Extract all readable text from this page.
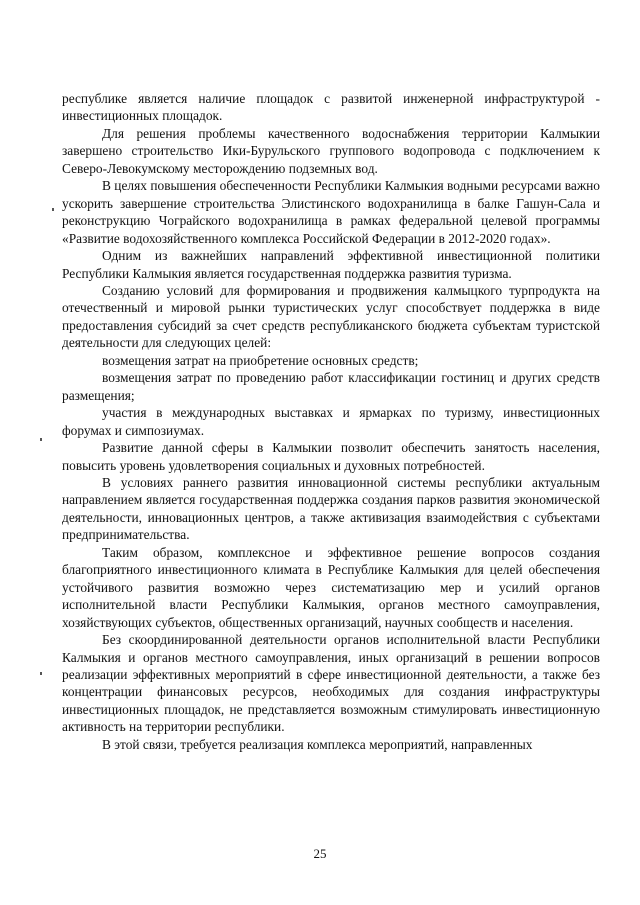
республике является наличие площадок с развитой инженерной инфраструктурой - инвестиционных площадок.

Для решения проблемы качественного водоснабжения территории Калмыкии завершено строительство Ики-Бурульского группового водопровода с подключением к Северо-Левокумскому месторождению подземных вод.

В целях повышения обеспеченности Республики Калмыкия водными ресурсами важно ускорить завершение строительства Элистинского водохранилища в балке Гашун-Сала и реконструкцию Чограйского водохранилища в рамках федеральной целевой программы «Развитие водохозяйственного комплекса Российской Федерации в 2012-2020 годах».

Одним из важнейших направлений эффективной инвестиционной политики Республики Калмыкия является государственная поддержка развития туризма.

Созданию условий для формирования и продвижения калмыцкого турпродукта на отечественный и мировой рынки туристических услуг способствует поддержка в виде предоставления субсидий за счет средств республиканского бюджета субъектам туристской деятельности для следующих целей:

возмещения затрат на приобретение основных средств;

возмещения затрат по проведению работ классификации гостиниц и других средств размещения;

участия в международных выставках и ярмарках по туризму, инвестиционных форумах и симпозиумах.

Развитие данной сферы в Калмыкии позволит обеспечить занятость населения, повысить уровень удовлетворения социальных и духовных потребностей.

В условиях раннего развития инновационной системы республики актуальным направлением является государственная поддержка создания парков развития экономической деятельности, инновационных центров, а также активизация взаимодействия с субъектами предпринимательства.

Таким образом, комплексное и эффективное решение вопросов создания благоприятного инвестиционного климата в Республике Калмыкия для целей обеспечения устойчивого развития возможно через систематизацию мер и усилий органов исполнительной власти Республики Калмыкия, органов местного самоуправления, хозяйствующих субъектов, общественных организаций, научных сообществ и населения.

Без скоординированной деятельности органов исполнительной власти Республики Калмыкия и органов местного самоуправления, иных организаций в решении вопросов реализации эффективных мероприятий в сфере инвестиционной деятельности, а также без концентрации финансовых ресурсов, необходимых для создания инфраструктуры инвестиционных площадок, не представляется возможным стимулировать инвестиционную активность на территории республики.

В этой связи, требуется реализация комплекса мероприятий, направленных

25
